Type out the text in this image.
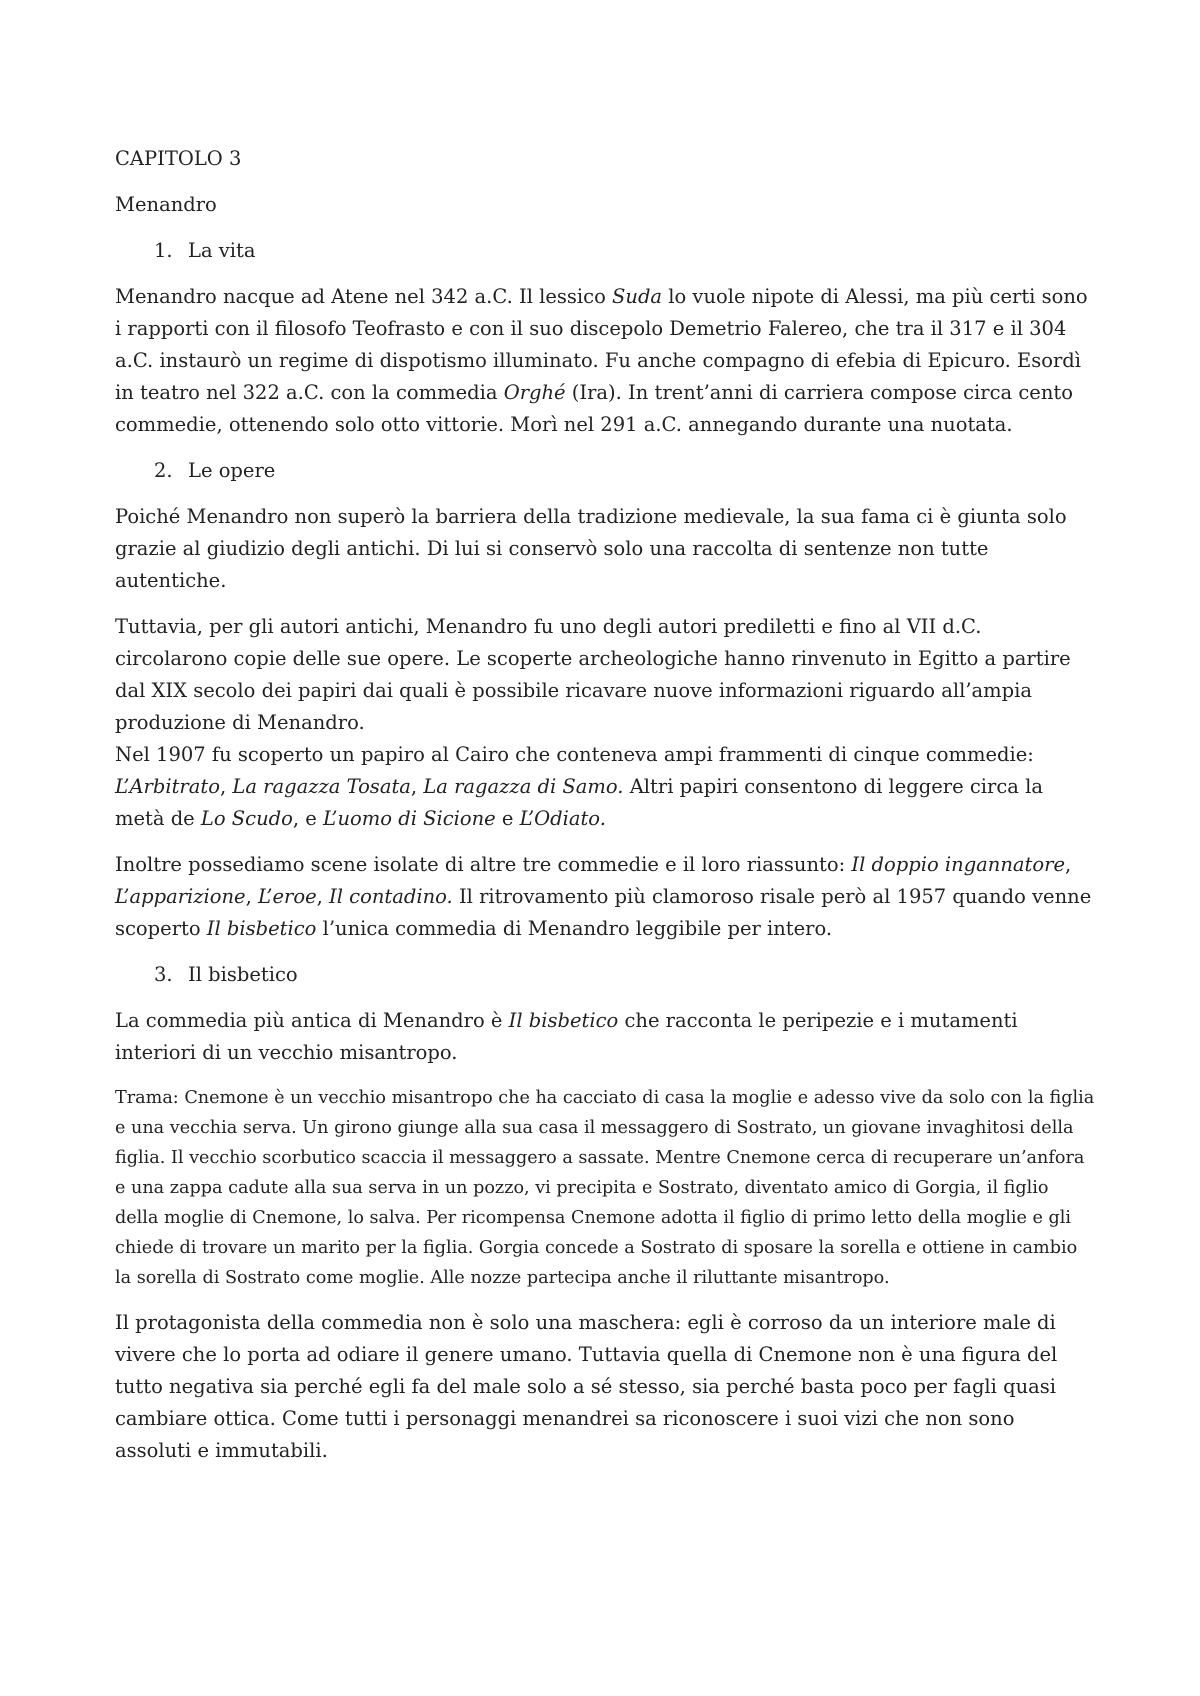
CAPITOLO 3
Menandro
1. La vita

Menandro nacque ad Atene nel 342 a.C. Il lessico Suda lo vuole nipote di Alessi, ma più certi sono i rapporti con il filosofo Teofrasto e con il suo discepolo Demetrio Falereo, che tra il 317 e il 304 a.C. instaurò un regime di dispotismo illuminato. Fu anche compagno di efebia di Epicuro. Esordì in teatro nel 322 a.C. con la commedia Orghé (Ira). In trent’anni di carriera compose circa cento commedie, ottenendo solo otto vittorie. Morì nel 291 a.C. annegando durante una nuotata.

2. Le opere

Poiché Menandro non superò la barriera della tradizione medievale, la sua fama ci è giunta solo grazie al giudizio degli antichi. Di lui si conservò solo una raccolta di sentenze non tutte autentiche.

Tuttavia, per gli autori antichi, Menandro fu uno degli autori prediletti e fino al VII d.C. circolarono copie delle sue opere. Le scoperte archeologiche hanno rinvenuto in Egitto a partire dal XIX secolo dei papiri dai quali è possibile ricavare nuove informazioni riguardo all’ampia produzione di Menandro.

Nel 1907 fu scoperto un papiro al Cairo che conteneva ampi frammenti di cinque commedie: L’Arbitrato, La ragazza Tosata, La ragazza di Samo. Altri papiri consentono di leggere circa la metà de Lo Scudo, e L’uomo di Sicione e L’Odiato.

Inoltre possediamo scene isolate di altre tre commedie e il loro riassunto: Il doppio ingannatore, L’apparizione, L’eroe, Il contadino. Il ritrovamento più clamoroso risale però al 1957 quando venne scoperto Il bisbetico l’unica commedia di Menandro leggibile per intero.

3. Il bisbetico

La commedia più antica di Menandro è Il bisbetico che racconta le peripezie e i mutamenti interiori di un vecchio misantropo.

Trama: Cnemone è un vecchio misantropo che ha cacciato di casa la moglie e adesso vive da solo con la figlia e una vecchia serva. Un girono giunge alla sua casa il messaggero di Sostrato, un giovane invaghitosi della figlia. Il vecchio scorbutico scaccia il messaggero a sassate. Mentre Cnemone cerca di recuperare un’anfora e una zappa cadute alla sua serva in un pozzo, vi precipita e Sostrato, diventato amico di Gorgia, il figlio della moglie di Cnemone, lo salva. Per ricompensa Cnemone adotta il figlio di primo letto della moglie e gli chiede di trovare un marito per la figlia. Gorgia concede a Sostrato di sposare la sorella e ottiene in cambio la sorella di Sostrato come moglie. Alle nozze partecipa anche il riluttante misantropo.

Il protagonista della commedia non è solo una maschera: egli è corroso da un interiore male di vivere che lo porta ad odiare il genere umano. Tuttavia quella di Cnemone non è una figura del tutto negativa sia perché egli fa del male solo a sé stesso, sia perché basta poco per fagli quasi cambiare ottica. Come tutti i personaggi menandrei sa riconoscere i suoi vizi che non sono assoluti e immutabili.
